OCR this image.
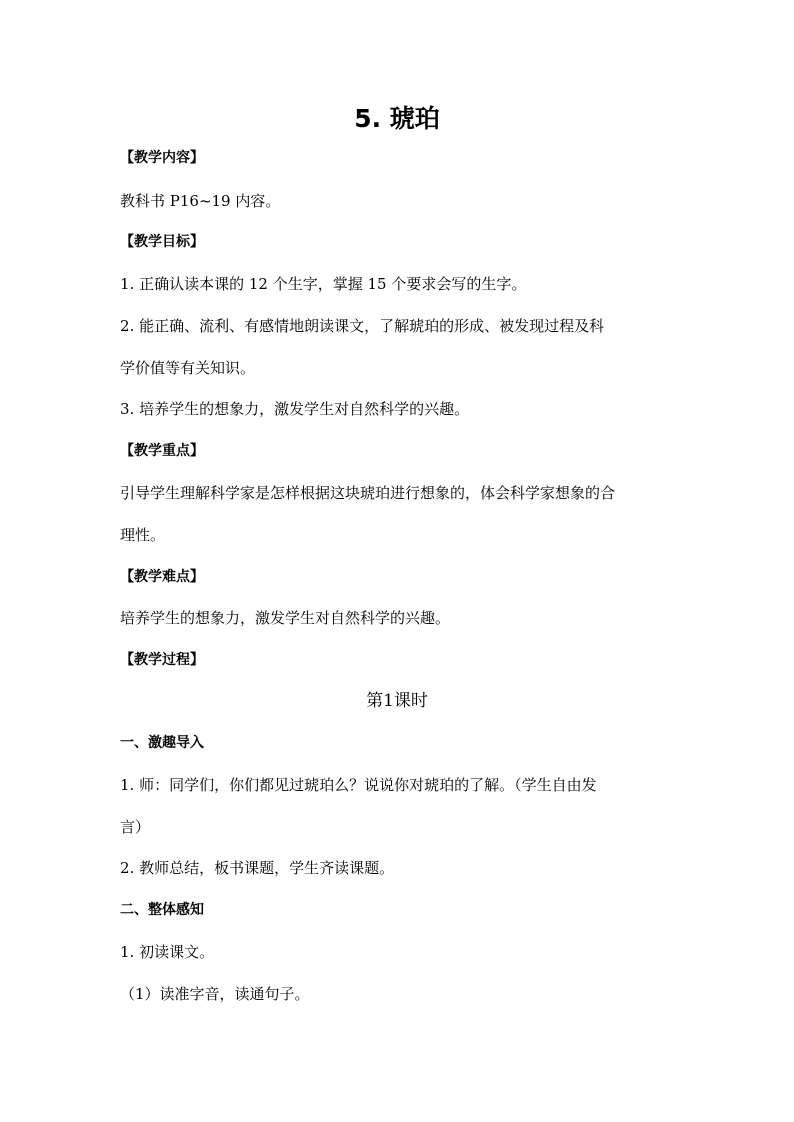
5. 琥珀
【教学内容】
教科书 P16~19 内容。
【教学目标】
1. 正确认读本课的 12 个生字，掌握 15 个要求会写的生字。
2. 能正确、流利、有感情地朗读课文，了解琥珀的形成、被发现过程及科
学价值等有关知识。
3. 培养学生的想象力，激发学生对自然科学的兴趣。
【教学重点】
引导学生理解科学家是怎样根据这块琥珀进行想象的，体会科学家想象的合
理性。
【教学难点】
培养学生的想象力，激发学生对自然科学的兴趣。
【教学过程】
第1课时
一、激趣导入
1. 师：同学们，你们都见过琥珀么？说说你对琥珀的了解。（学生自由发
言）
2. 教师总结，板书课题，学生齐读课题。
二、整体感知
1. 初读课文。
（1）读准字音，读通句子。
